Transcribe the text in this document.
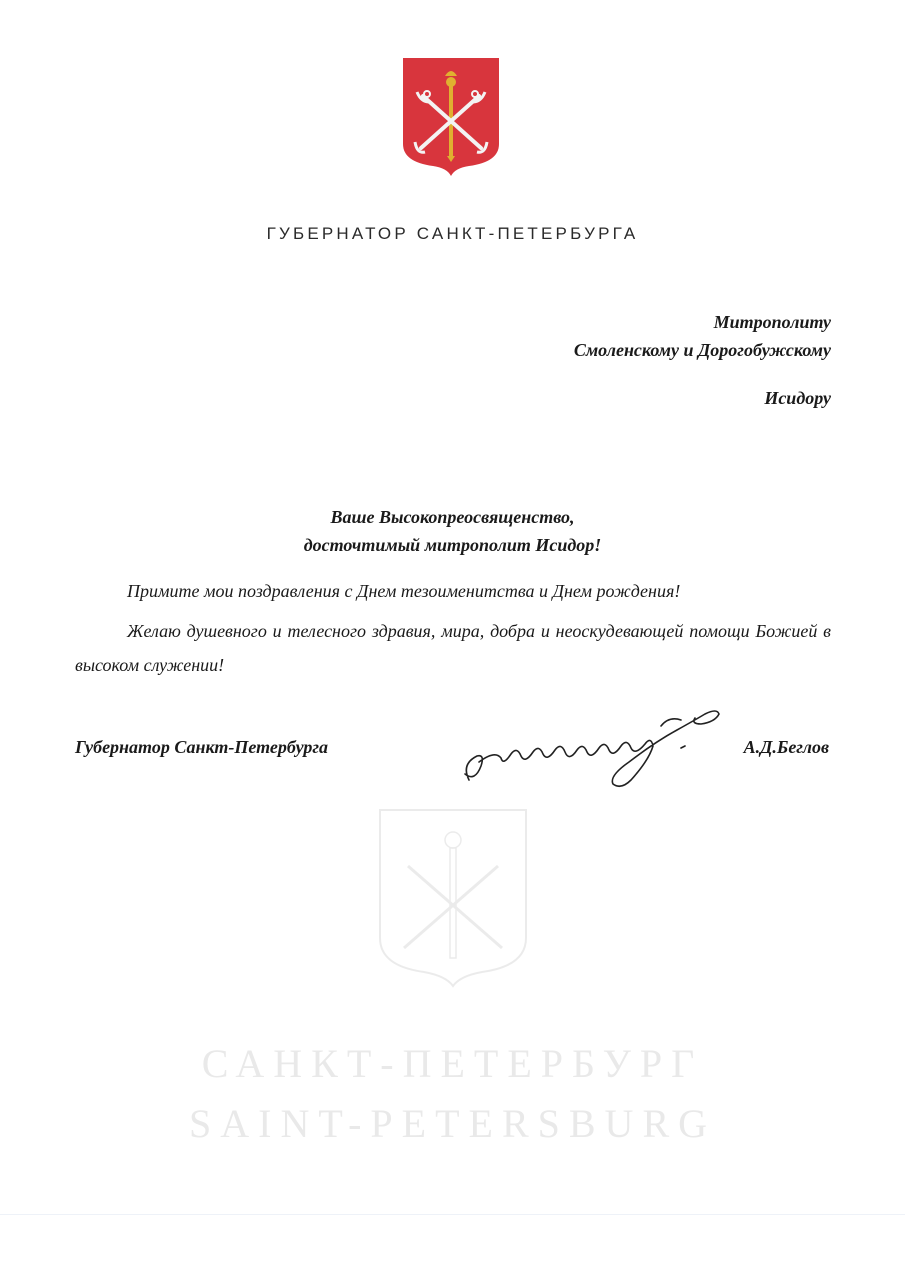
ГУБЕРНАТОР САНКТ-ПЕТЕРБУРГА
Митрополиту
Смоленскому и Дорогобужскому
Исидору
Ваше Высокопреосвященство,
досточтимый митрополит Исидор!
Примите мои поздравления с Днем тезоименитства и Днем рождения!
Желаю душевного и телесного здравия, мира, добра и неоскудевающей помощи Божией в высоком служении!
Губернатор Санкт-Петербурга	А.Д.Беглов
САНКТ-ПЕТЕРБУРГ
SAINT-PETERSBURG
